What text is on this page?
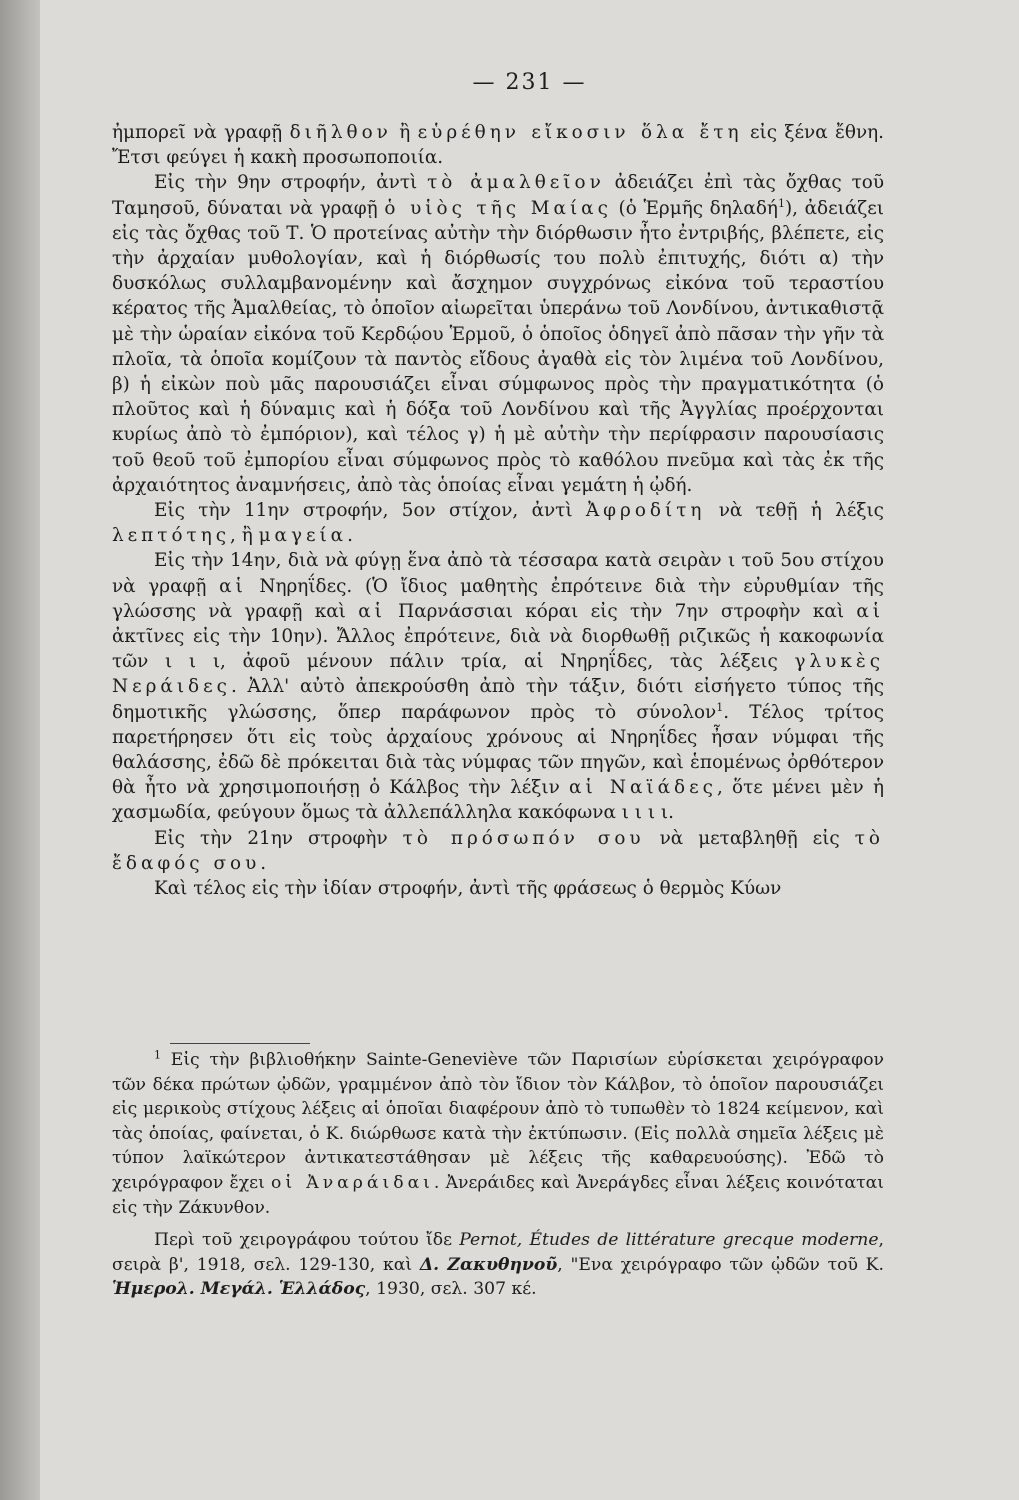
— 231 —

ἠμπορεῖ νὰ γραφῇ διῆλθον ἢ εὑρέθην εἴκοσιν ὅλα ἔτη εἰς ξένα ἔθνη. Ἔτσι φεύγει ἡ κακὴ προσωποποιία.

Εἰς τὴν 9ην στροφήν, ἀντὶ τὸ ἀμαλθεῖον ἀδειάζει ἐπὶ τὰς ὄχθας τοῦ Ταμησοῦ, δύναται νὰ γραφῇ ὁ υἱὸς τῆς Μαίας (ὁ Ἑρμῆς δηλαδή$^1$), ἀδειάζει εἰς τὰς ὄχθας τοῦ Τ. Ὁ προτείνας αὐτὴν τὴν διόρθωσιν ἦτο ἐντριβής, βλέπετε, εἰς τὴν ἀρχαίαν μυθολογίαν, καὶ ἡ διόρθωσίς του πολὺ ἐπιτυχής, διότι α) τὴν δυσκόλως συλλαμβανομένην καὶ ἄσχημον συγχρόνως εἰκόνα τοῦ τεραστίου κέρατος τῆς Ἀμαλθείας, τὸ ὁποῖον αἰωρεῖται ὑπεράνω τοῦ Λονδίνου, ἀντικαθιστᾷ μὲ τὴν ὡραίαν εἰκόνα τοῦ Κερδῴου Ἑρμοῦ, ὁ ὁποῖος ὁδηγεῖ ἀπὸ πᾶσαν τὴν γῆν τὰ πλοῖα, τὰ ὁποῖα κομίζουν τὰ παντὸς εἴδους ἀγαθὰ εἰς τὸν λιμένα τοῦ Λονδίνου, β) ἡ εἰκὼν ποὺ μᾶς παρουσιάζει εἶναι σύμφωνος πρὸς τὴν πραγματικότητα (ὁ πλοῦτος καὶ ἡ δύναμις καὶ ἡ δόξα τοῦ Λονδίνου καὶ τῆς Ἀγγλίας προέρχονται κυρίως ἀπὸ τὸ ἐμπόριον), καὶ τέλος γ) ἡ μὲ αὐτὴν τὴν περίφρασιν παρουσίασις τοῦ θεοῦ τοῦ ἐμπορίου εἶναι σύμφωνος πρὸς τὸ καθόλου πνεῦμα καὶ τὰς ἐκ τῆς ἀρχαιότητος ἀναμνήσεις, ἀπὸ τὰς ὁποίας εἶναι γεμάτη ἡ ᾠδή.

Εἰς τὴν 11ην στροφήν, 5ον στίχον, ἀντὶ Ἀφροδίτη νὰ τεθῇ ἡ λέξις λεπτότης, ἢ μαγεία.

Εἰς τὴν 14ην, διὰ νὰ φύγῃ ἕνα ἀπὸ τὰ τέσσαρα κατὰ σειρὰν ι τοῦ 5ου στίχου νὰ γραφῇ αἱ Νηρηΐδες. (Ὁ ἴδιος μαθητὴς ἐπρότεινε διὰ τὴν εὐρυθμίαν τῆς γλώσσης νὰ γραφῇ καὶ αἱ Παρνάσσιαι κόραι εἰς τὴν 7ην στροφὴν καὶ αἱ ἀκτῖνες εἰς τὴν 10ην). Ἄλλος ἐπρότεινε, διὰ νὰ διορθωθῇ ριζικῶς ἡ κακοφωνία τῶν ι ι ι, ἀφοῦ μένουν πάλιν τρία, αἱ Νηρηΐδες, τὰς λέξεις γλυκὲς Νεράιδες. Ἀλλ' αὐτὸ ἀπεκρούσθη ἀπὸ τὴν τάξιν, διότι εἰσήγετο τύπος τῆς δημοτικῆς γλώσσης, ὅπερ παράφωνον πρὸς τὸ σύνολον$^1$. Τέλος τρίτος παρετήρησεν ὅτι εἰς τοὺς ἀρχαίους χρόνους αἱ Νηρηΐδες ἦσαν νύμφαι τῆς θαλάσσης, ἐδῶ δὲ πρόκειται διὰ τὰς νύμφας τῶν πηγῶν, καὶ ἑπομένως ὀρθότερον θὰ ἦτο νὰ χρησιμοποιήσῃ ὁ Κάλβος τὴν λέξιν αἱ Ναϊάδες, ὅτε μένει μὲν ἡ χασμωδία, φεύγουν ὅμως τὰ ἀλλεπάλληλα κακόφωνα ι ι ι ι.

Εἰς τὴν 21ην στροφὴν τὸ πρόσωπόν σου νὰ μεταβληθῇ εἰς τὸ ἔδαφός σου.

Καὶ τέλος εἰς τὴν ἰδίαν στροφήν, ἀντὶ τῆς φράσεως ὁ θερμὸς Κύων

$^1$ Εἰς τὴν βιβλιοθήκην Sainte-Geneviève τῶν Παρισίων εὑρίσκεται χειρόγραφον τῶν δέκα πρώτων ᾠδῶν, γραμμένον ἀπὸ τὸν ἴδιον τὸν Κάλβον, τὸ ὁποῖον παρουσιάζει εἰς μερικοὺς στίχους λέξεις αἱ ὁποῖαι διαφέρουν ἀπὸ τὸ τυπωθὲν τὸ 1824 κείμενον, καὶ τὰς ὁποίας, φαίνεται, ὁ Κ. διώρθωσε κατὰ τὴν ἐκτύπωσιν. (Εἰς πολλὰ σημεῖα λέξεις μὲ τύπον λαϊκώτερον ἀντικατεστάθησαν μὲ λέξεις τῆς καθαρευούσης). Ἐδῶ τὸ χειρόγραφον ἔχει οἱ Ἀναράιδαι. Ἀνεράιδες καὶ Ἀνεράγδες εἶναι λέξεις κοινόταται εἰς τὴν Ζάκυνθον.

Περὶ τοῦ χειρογράφου τούτου ἴδε Pernot, Études de littérature grecque moderne, σειρὰ β', 1918, σελ. 129-130, καὶ Δ. Ζακυθηνοῦ, "Ενα χειρόγραφο τῶν ᾠδῶν τοῦ Κ. Ἡμερολ. Μεγάλ. Ἑλλάδος, 1930, σελ. 307 κέ.
